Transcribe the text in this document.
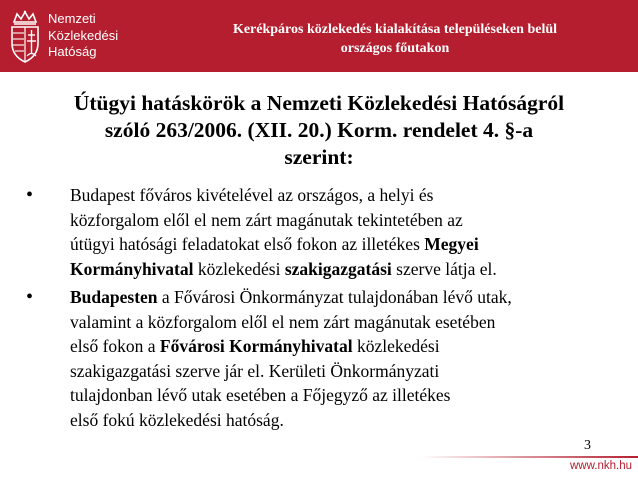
Nemzeti
Közlekedési
Hatóság
Kerékpáros közlekedés kialakítása településeken belül
országos főutakon
Útügyi hatáskörök a Nemzeti Közlekedési Hatóságról
szóló 263/2006. (XII. 20.) Korm. rendelet 4. §-a
szerint:
• Budapest főváros kivételével az országos, a helyi és
közforgalom elől el nem zárt magánutak tekintetében az
útügyi hatósági feladatokat első fokon az illetékes Megyei
Kormányhivatal közlekedési szakigazgatási szerve látja el.
• Budapesten a Fővárosi Önkormányzat tulajdonában lévő utak,
valamint a közforgalom elől el nem zárt magánutak esetében
első fokon a Fővárosi Kormányhivatal közlekedési
szakigazgatási szerve jár el. Kerületi Önkormányzati
tulajdonban lévő utak esetében a Főjegyző az illetékes
első fokú közlekedési hatóság.
3
www.nkh.hu
